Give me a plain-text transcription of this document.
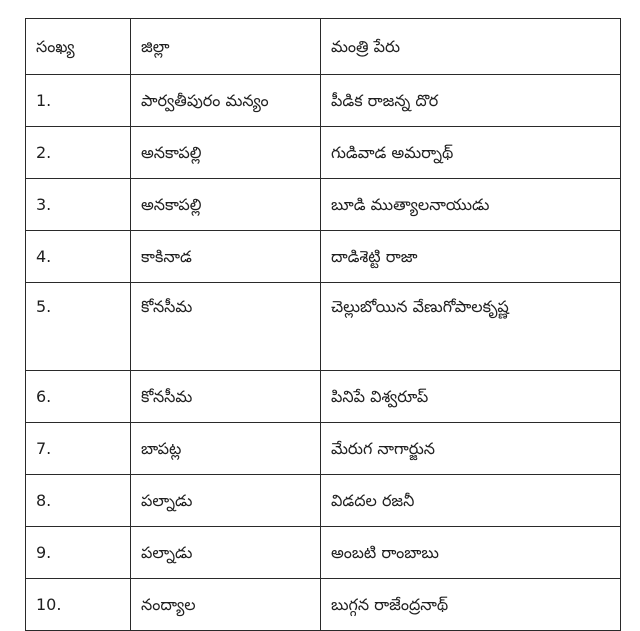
సంఖ్య	జిల్లా	మంత్రి పేరు
1.	పార్వతీపురం మన్యం	పీడిక రాజన్న దొర
2.	అనకాపల్లి	గుడివాడ అమర్నాథ్
3.	అనకాపల్లి	బూడి ముత్యాలనాయుడు
4.	కాకినాడ	దాడిశెట్టి రాజా
5.	కోనసీమ	చెల్లుబోయిన వేణుగోపాలకృష్ణ
6.	కోనసీమ	పినిపే విశ్వరూప్
7.	బాపట్ల	మేరుగ నాగార్జున
8.	పల్నాడు	విడదల రజనీ
9.	పల్నాడు	అంబటి రాంబాబు
10.	నంద్యాల	బుగ్గన రాజేంద్రనాథ్
